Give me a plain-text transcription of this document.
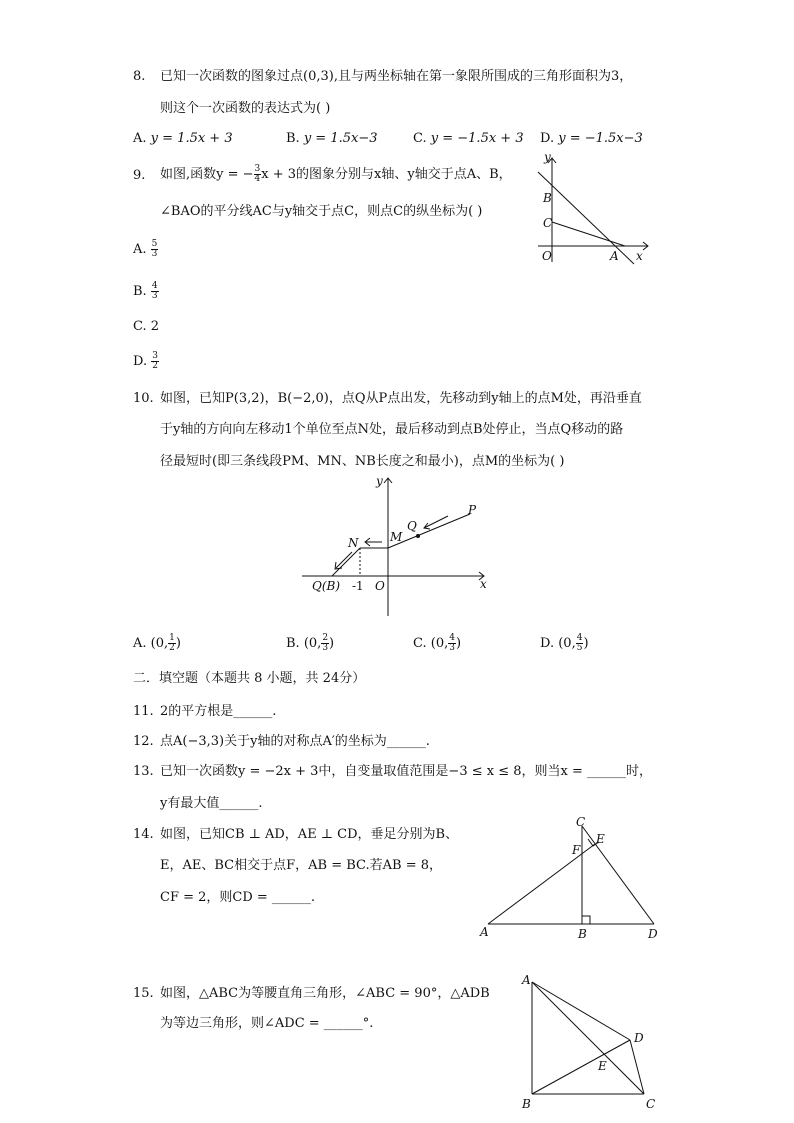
8. 已知一次函数的图象过点(0,3),且与两坐标轴在第一象限所围成的三角形面积为3，
则这个一次函数的表达式为( )
A. y = 1.5x + 3	B. y = 1.5x−3	C. y = −1.5x + 3 D. y = −1.5x−3
9. 如图,函数y = − $\frac{3}{4}$ x + 3的图象分别与x轴、y轴交于点A、B，
∠BAO的平分线AC与y轴交于点C，则点C的纵坐标为( )
A. $\frac{5}{3}$
B. $\frac{4}{3}$
C. 2
D. $\frac{3}{2}$
y
x
B
C
O	A
10. 如图，已知P(3,2)，B(−2,0)，点Q从P点出发，先移动到y轴上的点M处，再沿垂直
于y轴的方向向左移动1个单位至点N处，最后移动到点B处停止，当点Q移动的路
径最短时(即三条线段PM、MN、NB长度之和最小)，点M的坐标为( )
y
x
P
Q
M
N
Q(B) -1 O
A. (0, $\frac{1}{2}$ )	B. (0, $\frac{2}{3}$ )	C. (0, $\frac{4}{3}$ )	D. (0, $\frac{4}{5}$ )
二．填空题（本题共 8 小题，共 24分）
11. 2的平方根是______.
12. 点A(−3,3)关于y轴的对称点A′的坐标为______.
13. 已知一次函数y = −2x + 3中，自变量取值范围是−3 ≤ x ≤ 8，则当x = ______时，
y有最大值______.
14. 如图，已知CB ⊥ AD，AE ⊥ CD，垂足分别为B、
E，AE、BC相交于点F，AB = BC.若AB = 8，
CF = 2，则CD = ______.
C
E
F
A	B	D
15. 如图，△ABC为等腰直角三角形，∠ABC = 90°，△ADB
为等边三角形，则∠ADC = ______°.
A
D
E
B	C
